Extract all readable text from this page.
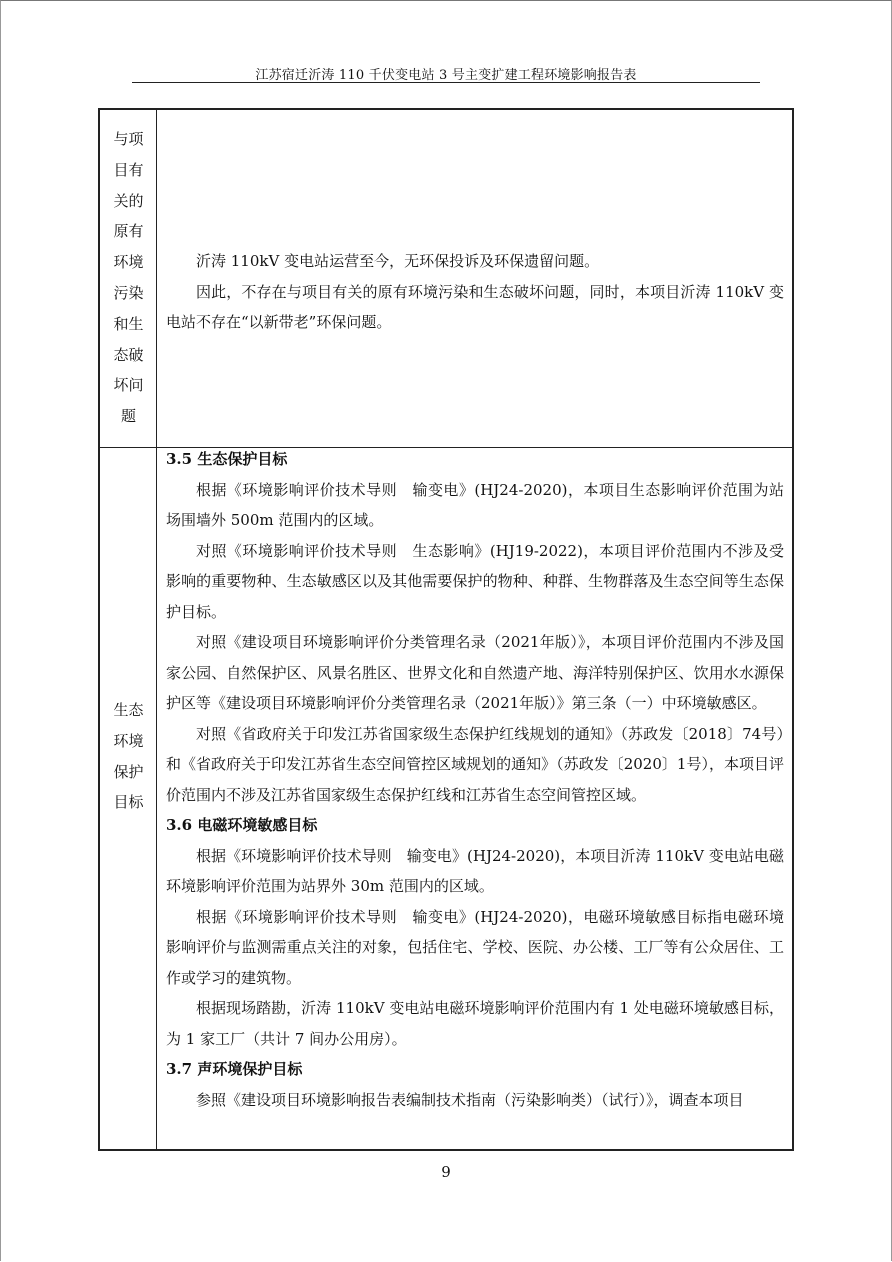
江苏宿迁沂涛 110 千伏变电站 3 号主变扩建工程环境影响报告表
与项
目有
关的
原有
环境
污染
和生
态破
坏问
题

沂涛 110kV 变电站运营至今，无环保投诉及环保遗留问题。

因此，不存在与项目有关的原有环境污染和生态破坏问题，同时，本项目沂涛 110kV 变电站不存在“以新带老”环保问题。

生态
环境
保护
目标

3.5 生态保护目标

根据《环境影响评价技术导则　输变电》(HJ24-2020)，本项目生态影响评价范围为站场围墙外 500m 范围内的区域。

对照《环境影响评价技术导则　生态影响》(HJ19-2022)，本项目评价范围内不涉及受影响的重要物种、生态敏感区以及其他需要保护的物种、种群、生物群落及生态空间等生态保护目标。

对照《建设项目环境影响评价分类管理名录（2021年版）》，本项目评价范围内不涉及国家公园、自然保护区、风景名胜区、世界文化和自然遗产地、海洋特别保护区、饮用水水源保护区等《建设项目环境影响评价分类管理名录（2021年版）》第三条（一）中环境敏感区。

对照《省政府关于印发江苏省国家级生态保护红线规划的通知》（苏政发〔2018〕74号）和《省政府关于印发江苏省生态空间管控区域规划的通知》（苏政发〔2020〕1号），本项目评价范围内不涉及江苏省国家级生态保护红线和江苏省生态空间管控区域。

3.6 电磁环境敏感目标

根据《环境影响评价技术导则　输变电》(HJ24-2020)，本项目沂涛 110kV 变电站电磁环境影响评价范围为站界外 30m 范围内的区域。

根据《环境影响评价技术导则　输变电》(HJ24-2020)，电磁环境敏感目标指电磁环境影响评价与监测需重点关注的对象，包括住宅、学校、医院、办公楼、工厂等有公众居住、工作或学习的建筑物。

根据现场踏勘，沂涛 110kV 变电站电磁环境影响评价范围内有 1 处电磁环境敏感目标，为 1 家工厂（共计 7 间办公用房）。

3.7 声环境保护目标

参照《建设项目环境影响报告表编制技术指南（污染影响类）（试行）》，调查本项目

9
